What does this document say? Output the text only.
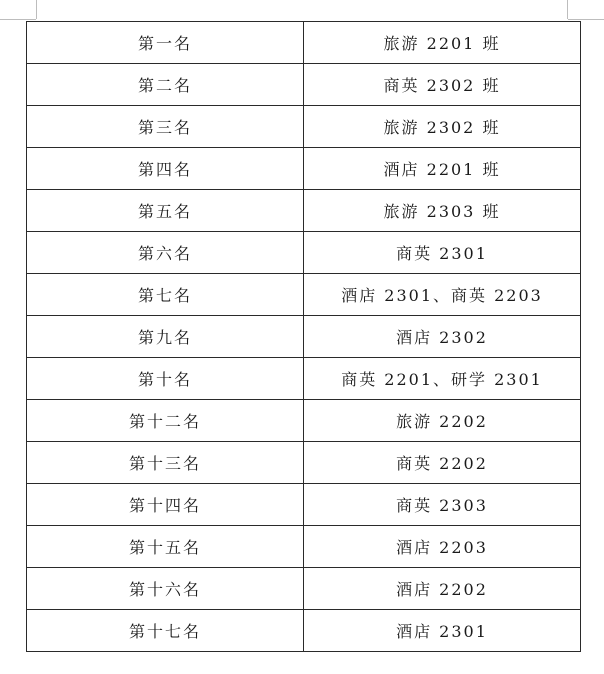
第一名	旅游 2201 班
第二名	商英 2302 班
第三名	旅游 2302 班
第四名	酒店 2201 班
第五名	旅游 2303 班
第六名	商英 2301
第七名	酒店 2301、商英 2203
第九名	酒店 2302
第十名	商英 2201、研学 2301
第十二名	旅游 2202
第十三名	商英 2202
第十四名	商英 2303
第十五名	酒店 2203
第十六名	酒店 2202
第十七名	酒店 2301
